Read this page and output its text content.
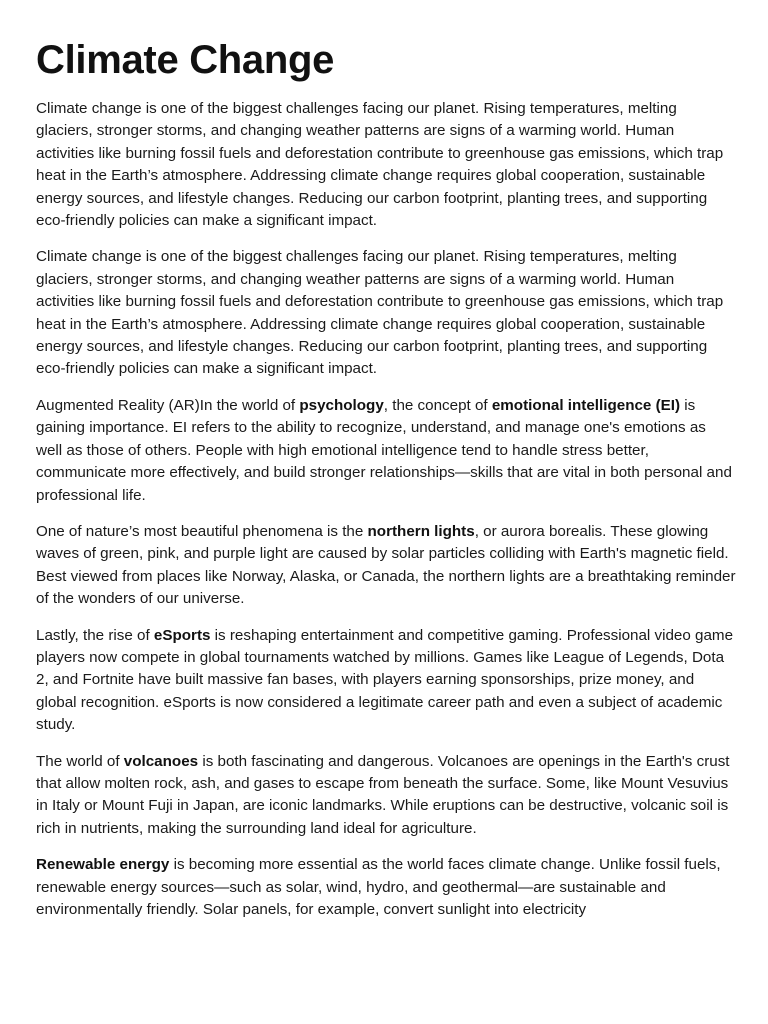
Climate Change

Climate change is one of the biggest challenges facing our planet. Rising temperatures, melting glaciers, stronger storms, and changing weather patterns are signs of a warming world. Human activities like burning fossil fuels and deforestation contribute to greenhouse gas emissions, which trap heat in the Earth’s atmosphere. Addressing climate change requires global cooperation, sustainable energy sources, and lifestyle changes. Reducing our carbon footprint, planting trees, and supporting eco-friendly policies can make a significant impact.

Climate change is one of the biggest challenges facing our planet. Rising temperatures, melting glaciers, stronger storms, and changing weather patterns are signs of a warming world. Human activities like burning fossil fuels and deforestation contribute to greenhouse gas emissions, which trap heat in the Earth’s atmosphere. Addressing climate change requires global cooperation, sustainable energy sources, and lifestyle changes. Reducing our carbon footprint, planting trees, and supporting eco-friendly policies can make a significant impact.

Augmented Reality (AR)In the world of psychology, the concept of emotional intelligence (EI) is gaining importance. EI refers to the ability to recognize, understand, and manage one's emotions as well as those of others. People with high emotional intelligence tend to handle stress better, communicate more effectively, and build stronger relationships—skills that are vital in both personal and professional life.

One of nature’s most beautiful phenomena is the northern lights, or aurora borealis. These glowing waves of green, pink, and purple light are caused by solar particles colliding with Earth's magnetic field. Best viewed from places like Norway, Alaska, or Canada, the northern lights are a breathtaking reminder of the wonders of our universe.

Lastly, the rise of eSports is reshaping entertainment and competitive gaming. Professional video game players now compete in global tournaments watched by millions. Games like League of Legends, Dota 2, and Fortnite have built massive fan bases, with players earning sponsorships, prize money, and global recognition. eSports is now considered a legitimate career path and even a subject of academic study.

The world of volcanoes is both fascinating and dangerous. Volcanoes are openings in the Earth's crust that allow molten rock, ash, and gases to escape from beneath the surface. Some, like Mount Vesuvius in Italy or Mount Fuji in Japan, are iconic landmarks. While eruptions can be destructive, volcanic soil is rich in nutrients, making the surrounding land ideal for agriculture.

Renewable energy is becoming more essential as the world faces climate change. Unlike fossil fuels, renewable energy sources—such as solar, wind, hydro, and geothermal—are sustainable and environmentally friendly. Solar panels, for example, convert sunlight into electricity
